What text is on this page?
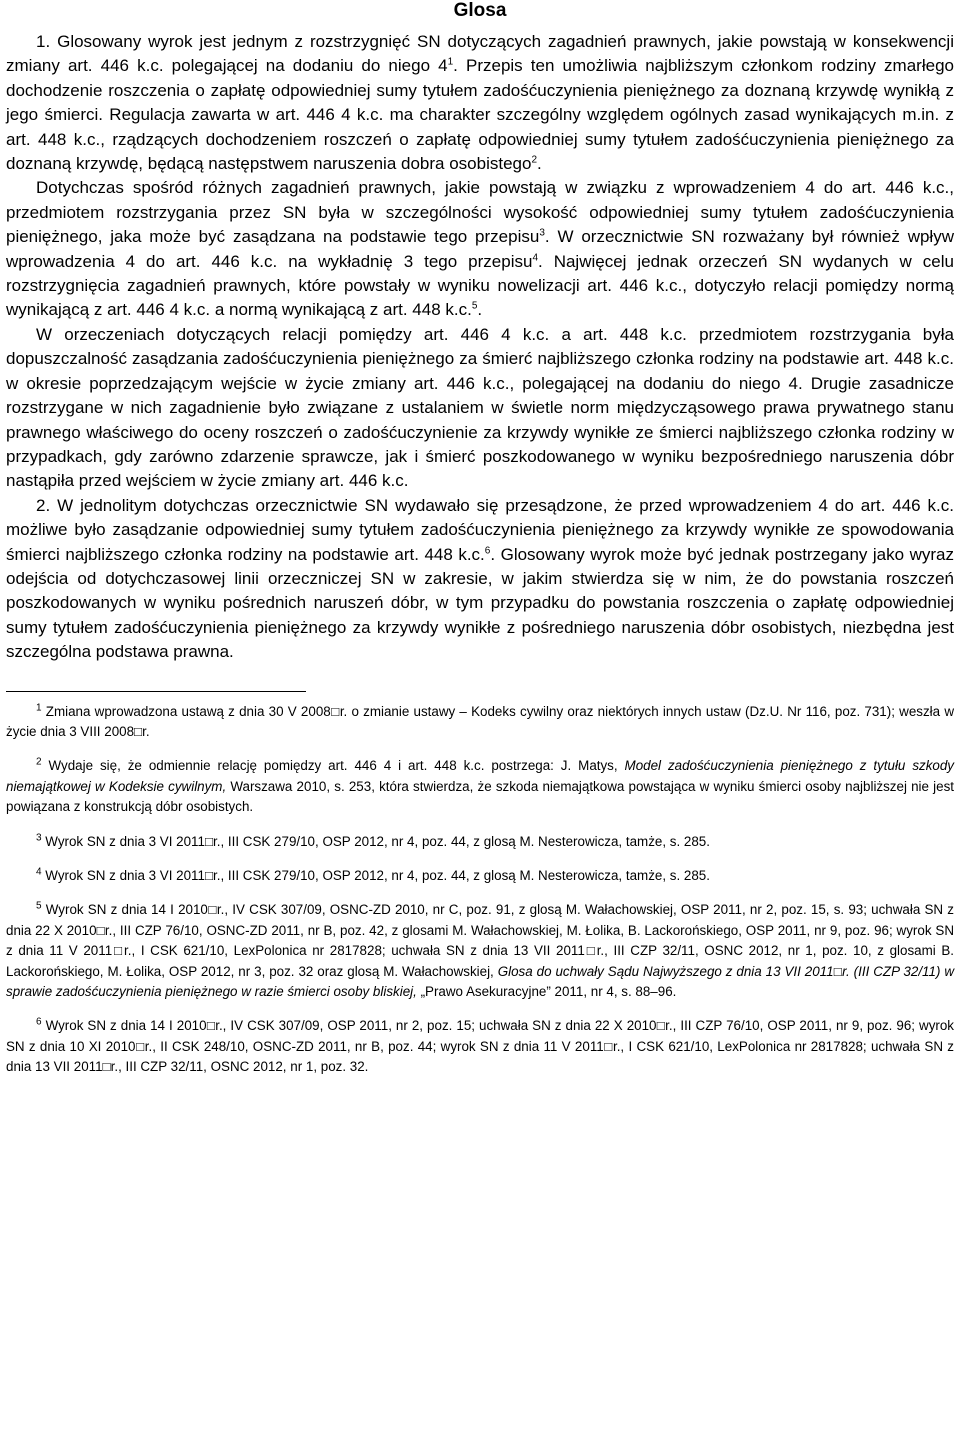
Glosa

1. Glosowany wyrok jest jednym z rozstrzygnięć SN dotyczących zagadnień prawnych, jakie powstają w konsekwencji zmiany art. 446 k.c. polegającej na dodaniu do niego $4^1$. Przepis ten umożliwia najbliższym członkom rodziny zmarłego dochodzenie roszczenia o zapłatę odpowiedniej sumy tytułem zadośćuczynienia pieniężnego za doznaną krzywdę wynikłą z jego śmierci. Regulacja zawarta w art. 446 4 k.c. ma charakter szczególny względem ogólnych zasad wynikających m.in. z art. 448 k.c., rządzących dochodzeniem roszczeń o zapłatę odpowiedniej sumy tytułem zadośćuczynienia pieniężnego za doznaną krzywdę, będącą następstwem naruszenia dobra osobistego$^2$.

Dotychczas spośród różnych zagadnień prawnych, jakie powstają w związku z wprowadzeniem 4 do art. 446 k.c., przedmiotem rozstrzygania przez SN była w szczególności wysokość odpowiedniej sumy tytułem zadośćuczynienia pieniężnego, jaka może być zasądzana na podstawie tego przepisu$^3$. W orzecznictwie SN rozważany był również wpływ wprowadzenia 4 do art. 446 k.c. na wykładnię 3 tego przepisu$^4$. Najwięcej jednak orzeczeń SN wydanych w celu rozstrzygnięcia zagadnień prawnych, które powstały w wyniku nowelizacji art. 446 k.c., dotyczyło relacji pomiędzy normą wynikającą z art. 446 4 k.c. a normą wynikającą z art. 448 k.c.$^5$.

W orzeczeniach dotyczących relacji pomiędzy art. 446 4 k.c. a art. 448 k.c. przedmiotem rozstrzygania była dopuszczalność zasądzania zadośćuczynienia pieniężnego za śmierć najbliższego członka rodziny na podstawie art. 448 k.c. w okresie poprzedzającym wejście w życie zmiany art. 446 k.c., polegającej na dodaniu do niego 4. Drugie zasadnicze rozstrzygane w nich zagadnienie było związane z ustalaniem w świetle norm międzycząsowego prawa prywatnego stanu prawnego właściwego do oceny roszczeń o zadośćuczynienie za krzywdy wynikłe ze śmierci najbliższego członka rodziny w przypadkach, gdy zarówno zdarzenie sprawcze, jak i śmierć poszkodowanego w wyniku bezpośredniego naruszenia dóbr nastąpiła przed wejściem w życie zmiany art. 446 k.c.

2. W jednolitym dotychczas orzecznictwie SN wydawało się przesądzone, że przed wprowadzeniem 4 do art. 446 k.c. możliwe było zasądzanie odpowiedniej sumy tytułem zadośćuczynienia pieniężnego za krzywdy wynikłe ze spowodowania śmierci najbliższego członka rodziny na podstawie art. 448 k.c.$^6$. Glosowany wyrok może być jednak postrzegany jako wyraz odejścia od dotychczasowej linii orzeczniczej SN w zakresie, w jakim stwierdza się w nim, że do powstania roszczeń poszkodowanych w wyniku pośrednich naruszeń dóbr, w tym przypadku do powstania roszczenia o zapłatę odpowiedniej sumy tytułem zadośćuczynienia pieniężnego za krzywdy wynikłe z pośredniego naruszenia dóbr osobistych, niezbędna jest szczególna podstawa prawna.

$^1$ Zmiana wprowadzona ustawą z dnia 30 V 2008□r. o zmianie ustawy – Kodeks cywilny oraz niektórych innych ustaw (Dz.U. Nr 116, poz. 731); weszła w życie dnia 3 VIII 2008□r.

$^2$ Wydaje się, że odmiennie relację pomiędzy art. 446 4 i art. 448 k.c. postrzega: J. Matys, Model zadośćuczynienia pieniężnego z tytułu szkody niemajątkowej w Kodeksie cywilnym, Warszawa 2010, s. 253, która stwierdza, że szkoda niemajątkowa powstająca w wyniku śmierci osoby najbliższej nie jest powiązana z konstrukcją dóbr osobistych.

$^3$ Wyrok SN z dnia 3 VI 2011□r., III CSK 279/10, OSP 2012, nr 4, poz. 44, z glosą M. Nesterowicza, tamże, s. 285.

$^4$ Wyrok SN z dnia 3 VI 2011□r., III CSK 279/10, OSP 2012, nr 4, poz. 44, z glosą M. Nesterowicza, tamże, s. 285.

$^5$ Wyrok SN z dnia 14 I 2010□r., IV CSK 307/09, OSNC-ZD 2010, nr C, poz. 91, z glosą M. Wałachowskiej, OSP 2011, nr 2, poz. 15, s. 93; uchwała SN z dnia 22 X 2010□r., III CZP 76/10, OSNC-ZD 2011, nr B, poz. 42, z glosami M. Wałachowskiej, M. Łolika, B. Lackorońskiego, OSP 2011, nr 9, poz. 96; wyrok SN z dnia 11 V 2011□r., I CSK 621/10, LexPolonica nr 2817828; uchwała SN z dnia 13 VII 2011□r., III CZP 32/11, OSNC 2012, nr 1, poz. 10, z glosami B. Lackorońskiego, M. Łolika, OSP 2012, nr 3, poz. 32 oraz glosą M. Wałachowskiej, Glosa do uchwały Sądu Najwyższego z dnia 13 VII 2011□r. (III CZP 32/11) w sprawie zadośćuczynienia pieniężnego w razie śmierci osoby bliskiej, „Prawo Asekuracyjne” 2011, nr 4, s. 88–96.

$^6$ Wyrok SN z dnia 14 I 2010□r., IV CSK 307/09, OSP 2011, nr 2, poz. 15; uchwała SN z dnia 22 X 2010□r., III CZP 76/10, OSP 2011, nr 9, poz. 96; wyrok SN z dnia 10 XI 2010□r., II CSK 248/10, OSNC-ZD 2011, nr B, poz. 44; wyrok SN z dnia 11 V 2011□r., I CSK 621/10, LexPolonica nr 2817828; uchwała SN z dnia 13 VII 2011□r., III CZP 32/11, OSNC 2012, nr 1, poz. 32.
